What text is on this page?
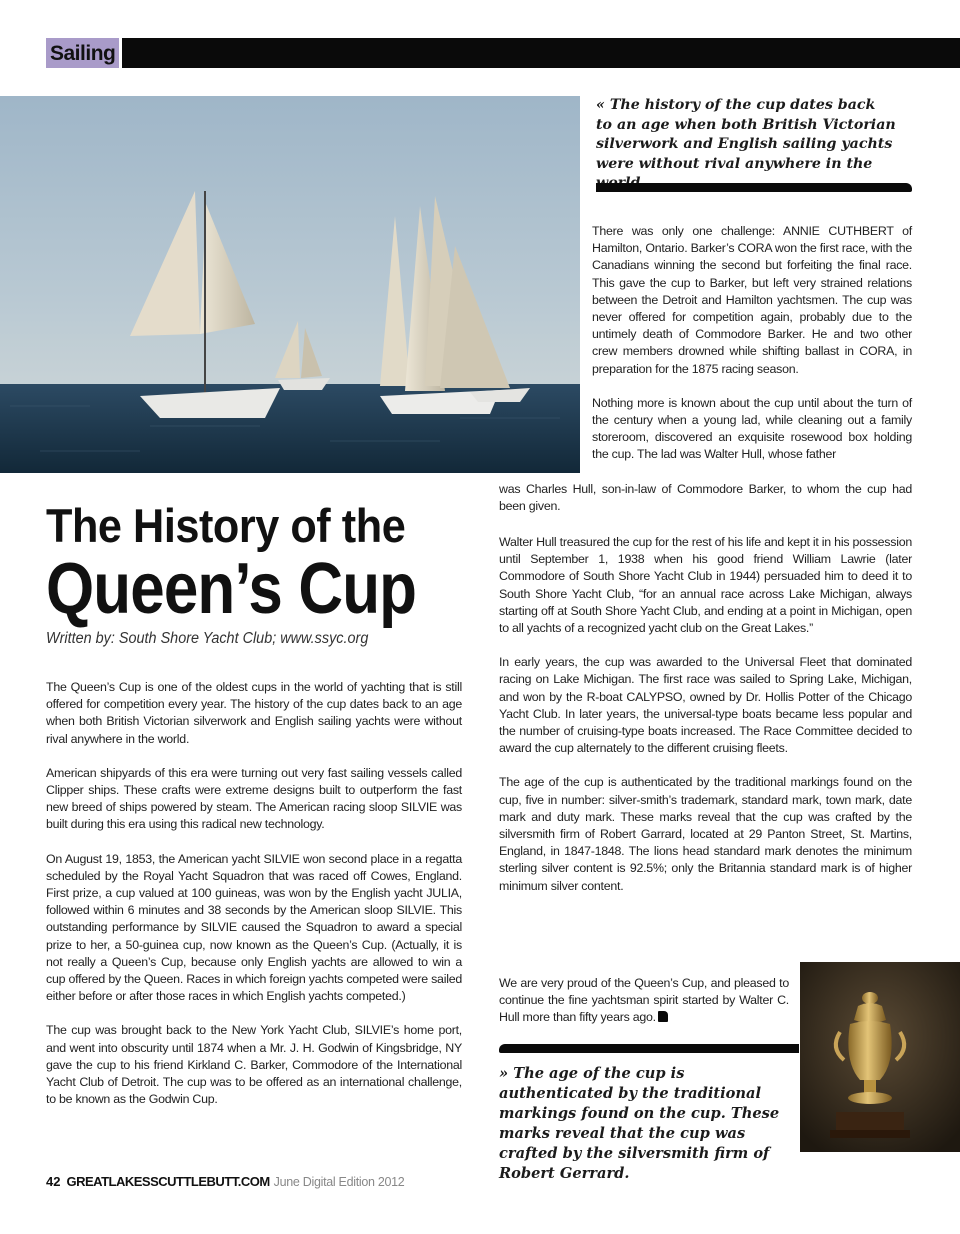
Sailing
« The history of the cup dates back to an age when both British Victorian silverwork and English sailing yachts were without rival anywhere in the
The History of the
Queen’s Cup
Written by: South Shore Yacht Club; www.ssyc.org

There was only one challenge: ANNIE CUTHBERT of Hamilton, Ontario. Barker’s CORA won the first race, with the Canadians winning the second but forfeiting the final race. This gave the cup to Barker, but left very strained relations between the Detroit and Hamilton yachtsmen. The cup was never offered for competition again, probably due to the untimely death of Commodore Barker. He and two other crew members drowned while shifting ballast in CORA, in preparation for the 1875 racing season.

Nothing more is known about the cup until about the turn of the century when a young lad, while cleaning out a family storeroom, discovered an exquisite rosewood box holding the cup. The lad was Walter Hull, whose father

was Charles Hull, son-in-law of Commodore Barker, to whom the cup had been given.

The Queen’s Cup is one of the oldest cups in the world of yachting that is still offered for competition every year. The history of the cup dates back to an age when both British Victorian silverwork and English sailing yachts were without rival anywhere in the world.

American shipyards of this era were turning out very fast sailing vessels called Clipper ships. These crafts were extreme designs built to outperform the fast new breed of ships powered by steam. The American racing sloop SILVIE was built during this era using this radical new technology.

On August 19, 1853, the American yacht SILVIE won second place in a regatta scheduled by the Royal Yacht Squadron that was raced off Cowes, England. First prize, a cup valued at 100 guineas, was won by the English yacht JULIA, followed within 6 minutes and 38 seconds by the American sloop SILVIE. This outstanding performance by SILVIE caused the Squadron to award a special prize to her, a 50-guinea cup, now known as the Queen’s Cup. (Actually, it is not really a Queen’s Cup, because only English yachts are allowed to win a cup offered by the Queen. Races in which foreign yachts competed were sailed either before or after those races in which English yachts competed.)

The cup was brought back to the New York Yacht Club, SILVIE’s home port, and went into obscurity until 1874 when a Mr. J. H. Godwin of Kingsbridge, NY gave the cup to his friend Kirkland C. Barker, Commodore of the International Yacht Club of Detroit. The cup was to be offered as an international challenge, to be known as the Godwin Cup.

Walter Hull treasured the cup for the rest of his life and kept it in his possession until September 1, 1938 when his good friend William Lawrie (later Commodore of South Shore Yacht Club in 1944) persuaded him to deed it to South Shore Yacht Club, “for an annual race across Lake Michigan, always starting off at South Shore Yacht Club, and ending at a point in Michigan, open to all yachts of a recognized yacht club on the Great Lakes.”

In early years, the cup was awarded to the Universal Fleet that dominated racing on Lake Michigan. The first race was sailed to Spring Lake, Michigan, and won by the R-boat CALYPSO, owned by Dr. Hollis Potter of the Chicago Yacht Club. In later years, the universal-type boats became less popular and the number of cruising-type boats increased. The Race Committee decided to award the cup alternately to the different cruising fleets.

The age of the cup is authenticated by the traditional markings found on the cup, five in number: silver-smith’s trademark, standard mark, town mark, date mark and duty mark. These marks reveal that the cup was crafted by the silversmith firm of Robert Garrard, located at 29 Panton Street, St. Martins, England, in 1847-1848. The lions head standard mark denotes the minimum sterling silver content is 92.5%; only the Britannia standard mark is of higher minimum silver content.

We are very proud of the Queen’s Cup, and pleased to continue the fine yachtsman spirit started by Walter C. Hull more than fifty years ago.
» The age of the cup is authenticated by the traditional markings found on the cup. These marks reveal that the cup was crafted by the silversmith firm of Robert Gerrard.
42 GREATLAKESSCUTTLEBUTT.COM June Digital Edition 2012
